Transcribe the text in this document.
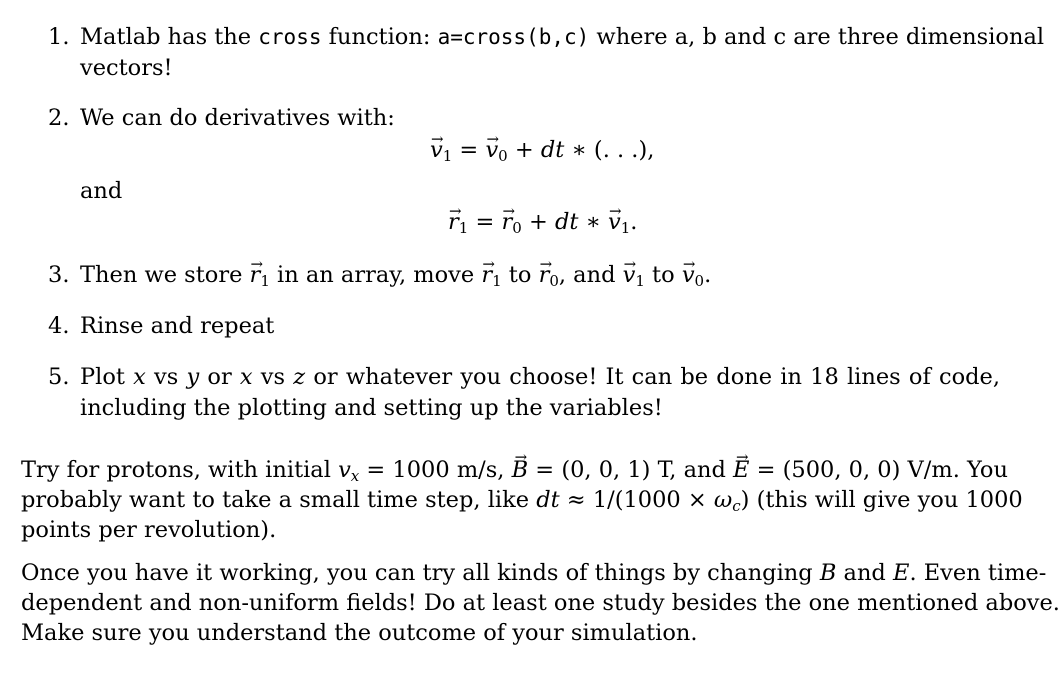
1. Matlab has the cross function: a=cross(b,c) where a, b and c are three dimensional
vectors!
2. We can do derivatives with:
→ $v_1$ = → $v_0$ + dt ∗ (. . .),
and
→ $r_1$ = → $r_0$ + dt ∗ → $v_1$.
3. Then we store → $r_1$ in an array, move → $r_1$ to → $r_0$, and → $v_1$ to → $v_0$.
4. Rinse and repeat
5. Plot x vs y or x vs z or whatever you choose! It can be done in 18 lines of code,
including the plotting and setting up the variables!
Try for protons, with initial $v_x = 1000$ m/s, → B = (0, 0, 1) T, and → E = (500, 0, 0) V/m. You
probably want to take a small time step, like dt ≈ $1/(1000 \times \omega_c)$ (this will give you 1000
points per revolution).
Once you have it working, you can try all kinds of things by changing B and E. Even time-
dependent and non-uniform fields! Do at least one study besides the one mentioned above.
Make sure you understand the outcome of your simulation.
